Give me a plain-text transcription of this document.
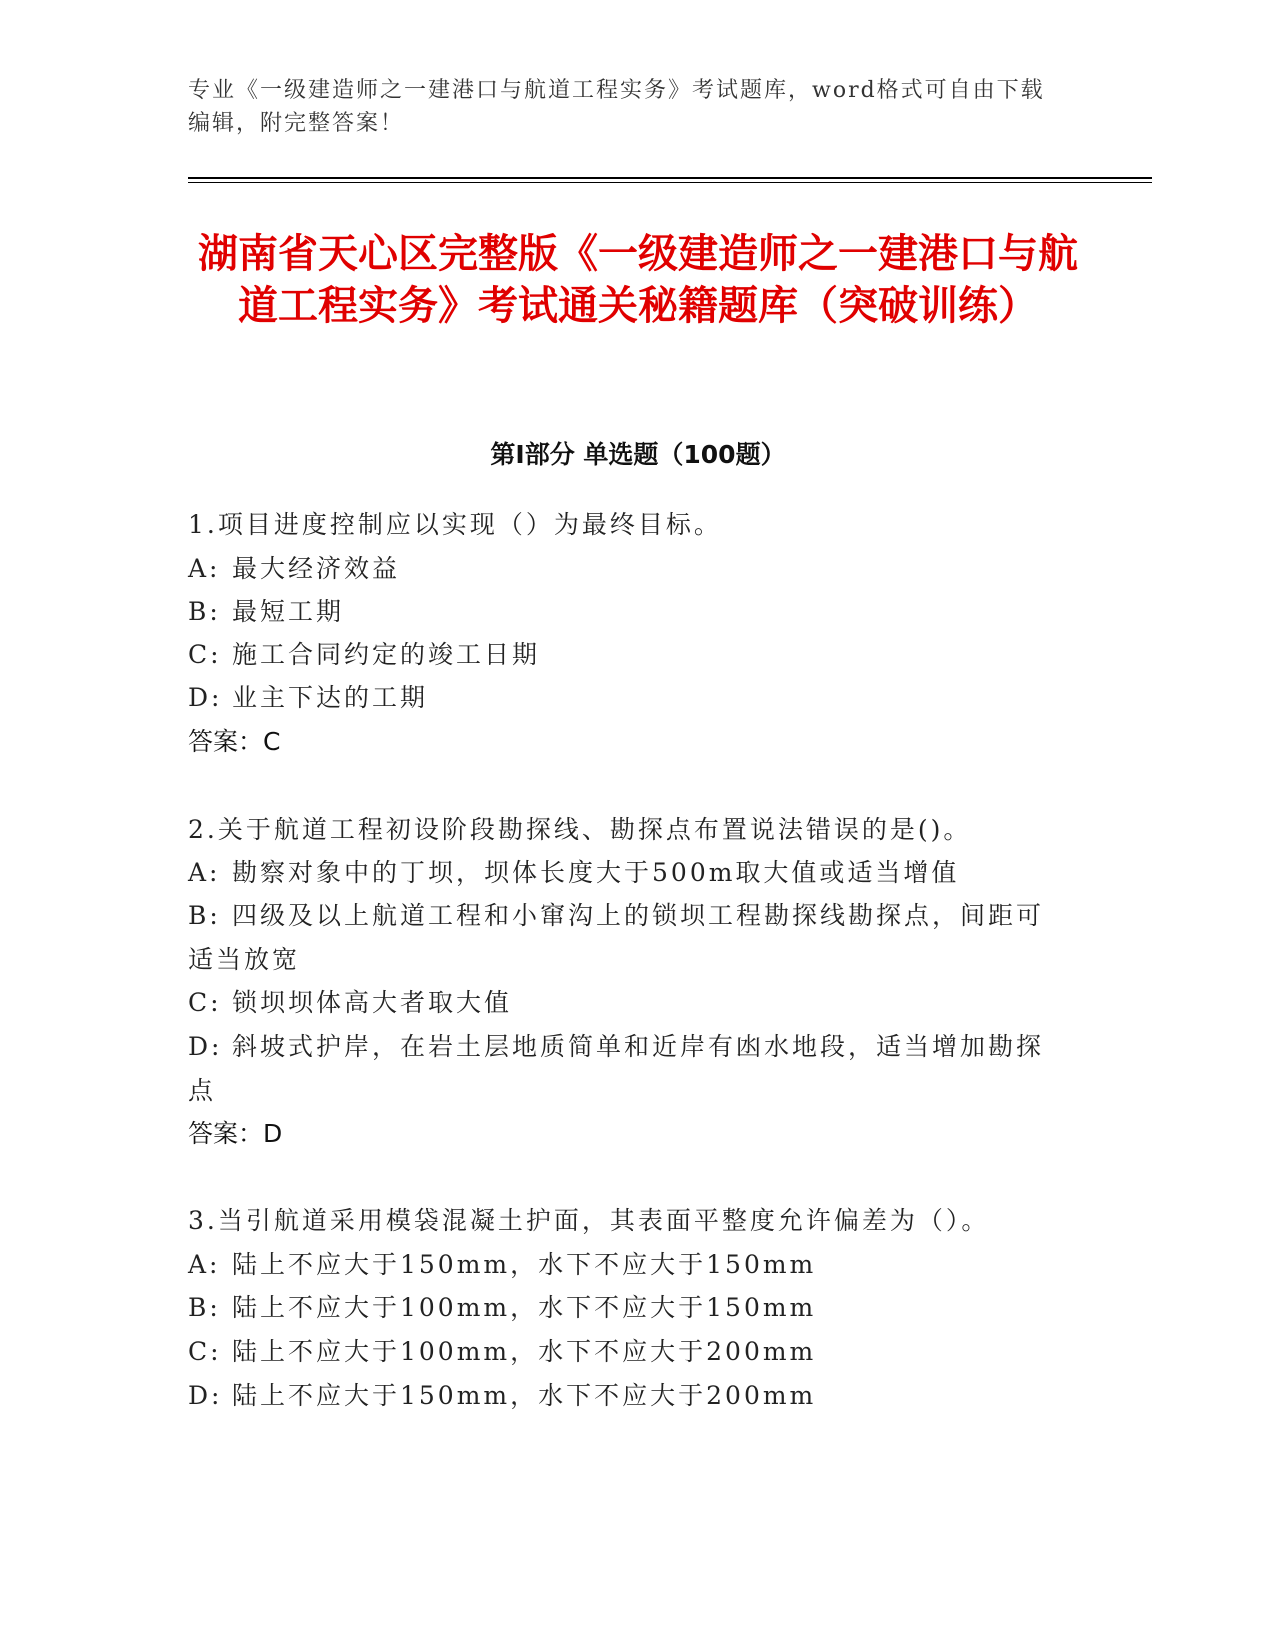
专业《一级建造师之一建港口与航道工程实务》考试题库，word格式可自由下载编辑，附完整答案！
湖南省天心区完整版《一级建造师之一建港口与航道工程实务》考试通关秘籍题库（突破训练）
第Ⅰ部分 单选题（100题）
1.项目进度控制应以实现（）为最终目标。
A: 最大经济效益
B: 最短工期
C: 施工合同约定的竣工日期
D: 业主下达的工期
答案：C
2.关于航道工程初设阶段勘探线、勘探点布置说法错误的是()。
A: 勘察对象中的丁坝，坝体长度大于500m取大值或适当增值
B: 四级及以上航道工程和小窜沟上的锁坝工程勘探线勘探点，间距可适当放宽
C: 锁坝坝体高大者取大值
D: 斜坡式护岸，在岩土层地质简单和近岸有凼水地段，适当增加勘探点
答案：D
3.当引航道采用模袋混凝土护面，其表面平整度允许偏差为（）。
A: 陆上不应大于150mm，水下不应大于150mm
B: 陆上不应大于100mm，水下不应大于150mm
C: 陆上不应大于100mm，水下不应大于200mm
D: 陆上不应大于150mm，水下不应大于200mm
